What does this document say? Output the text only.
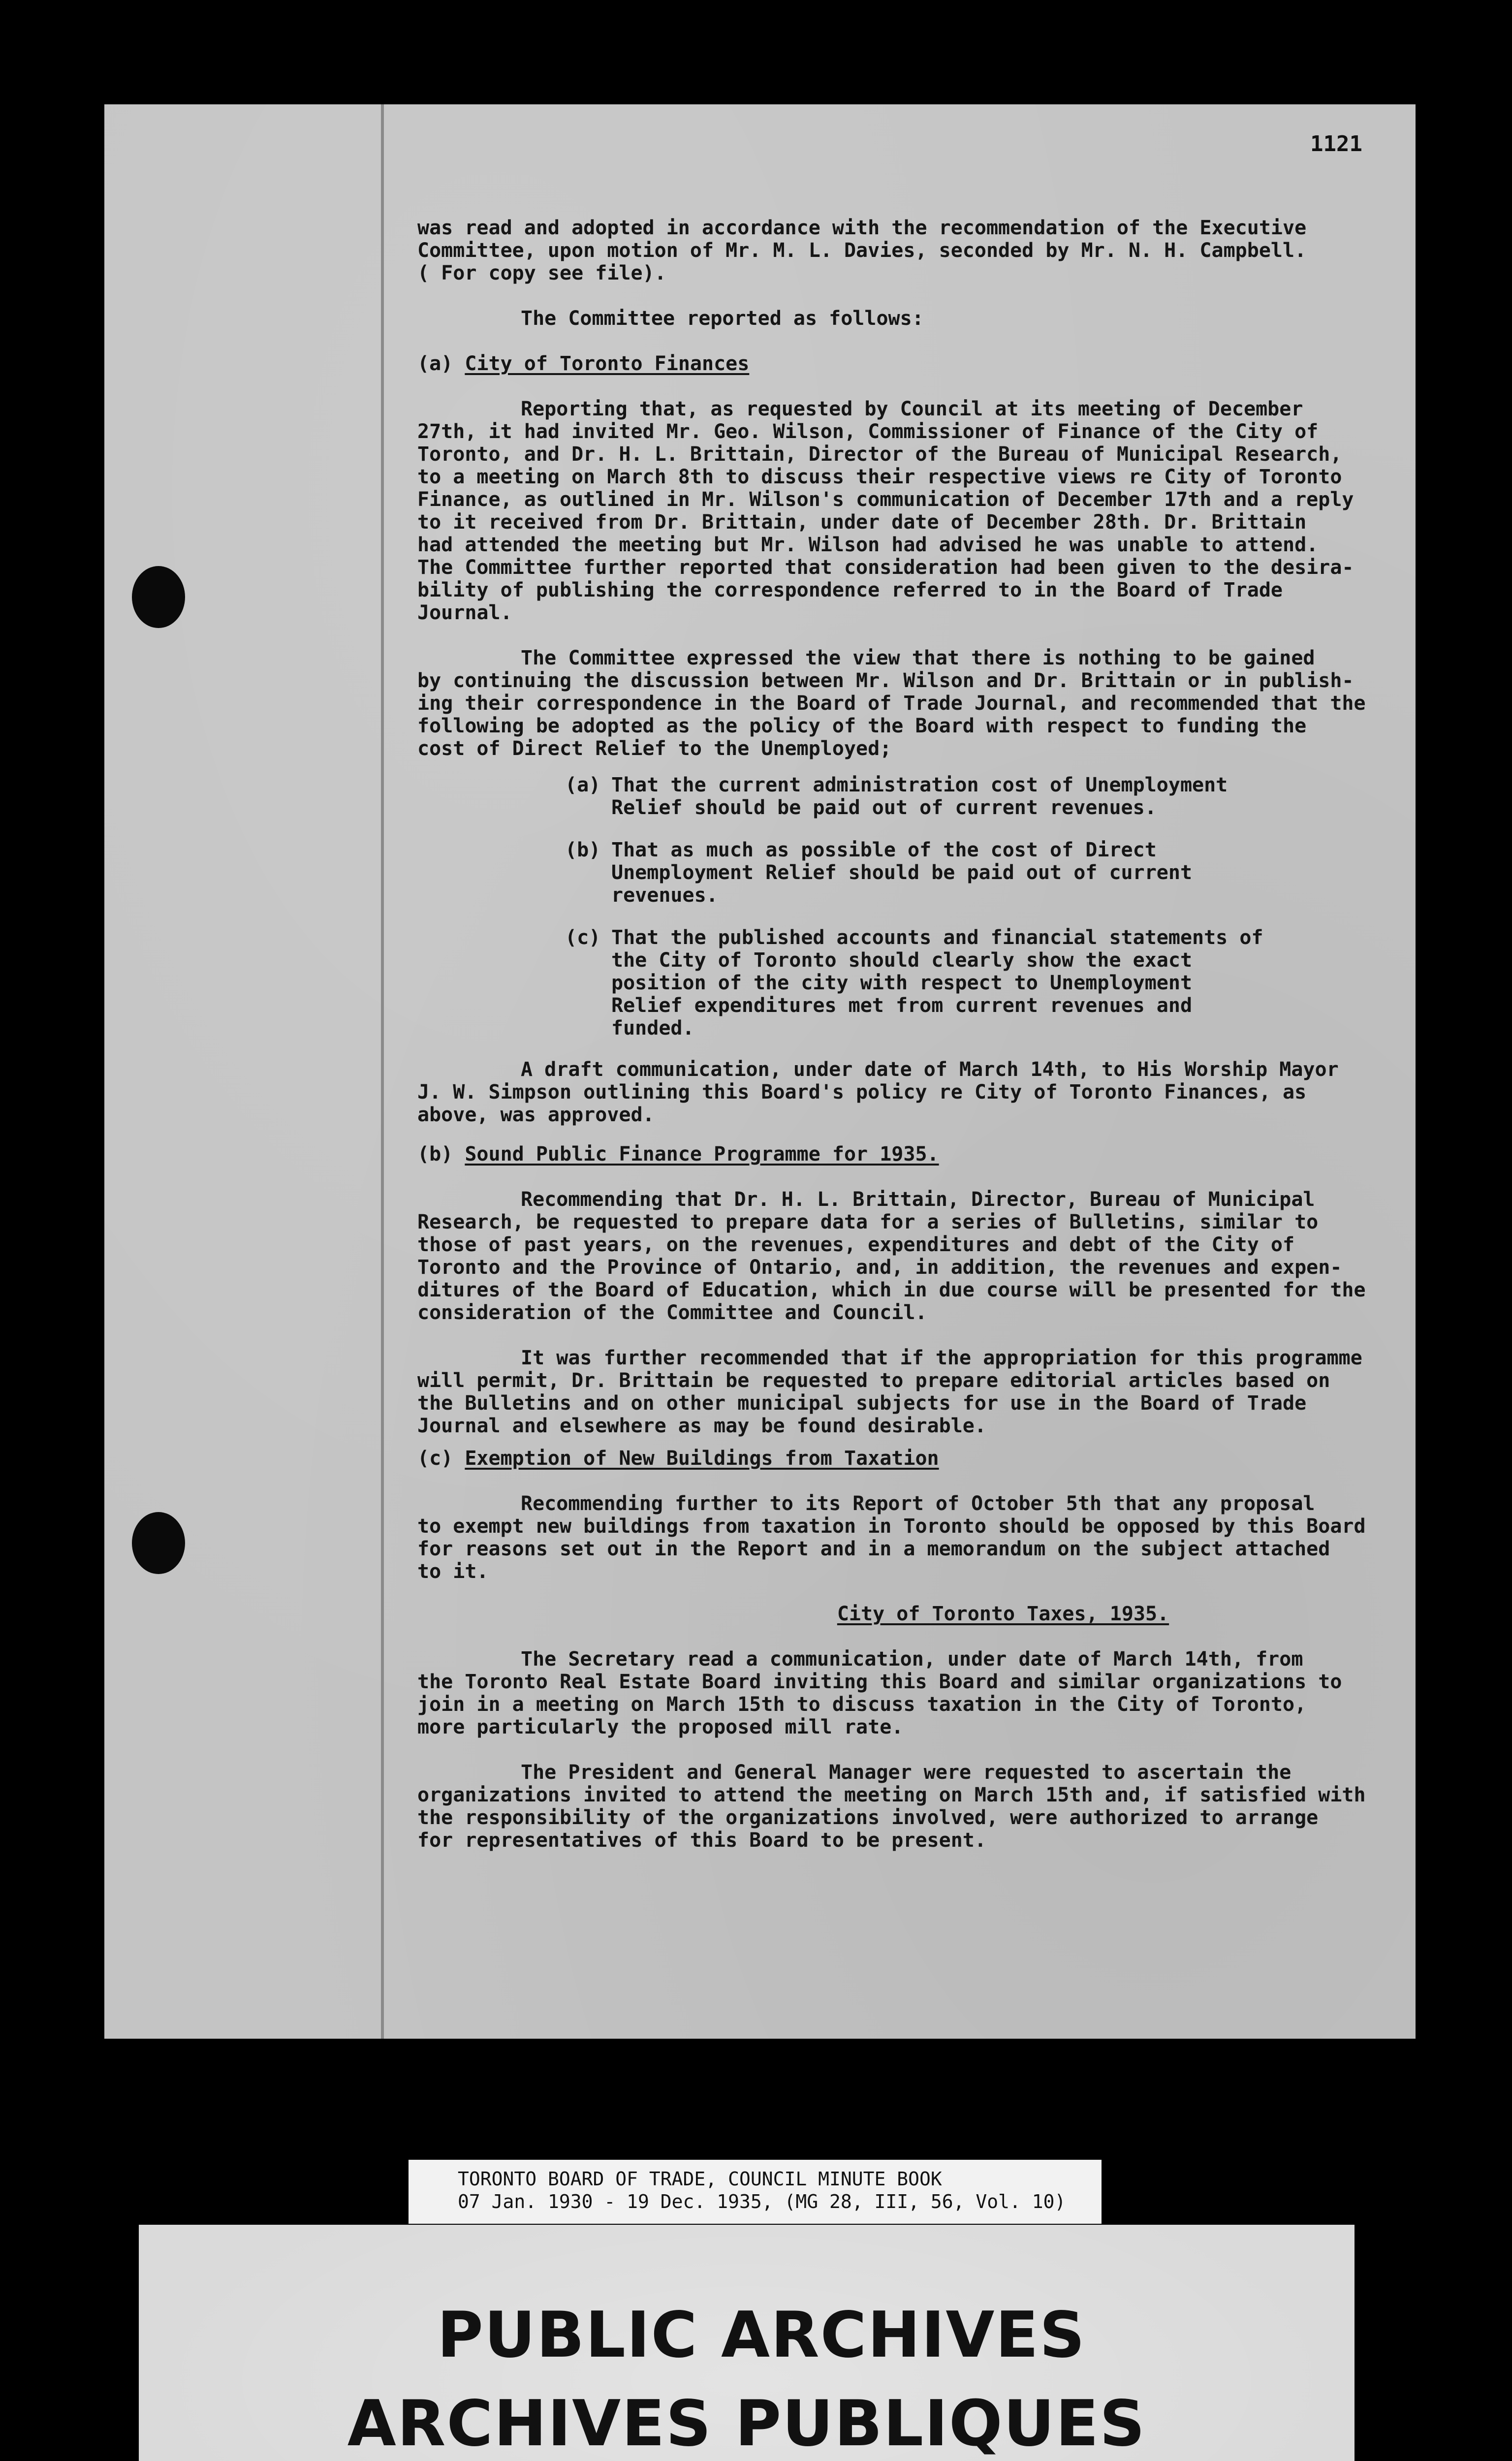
1121

was read and adopted in accordance with the recommendation of the Executive
Committee, upon motion of Mr. M. L. Davies, seconded by Mr. N. H. Campbell.
( For copy see file).

The Committee reported as follows:

(a) City of Toronto Finances

Reporting that, as requested by Council at its meeting of December
27th, it had invited Mr. Geo. Wilson, Commissioner of Finance of the City of
Toronto, and Dr. H. L. Brittain, Director of the Bureau of Municipal Research,
to a meeting on March 8th to discuss their respective views re City of Toronto
Finance, as outlined in Mr. Wilson's communication of December 17th and a reply
to it received from Dr. Brittain, under date of December 28th. Dr. Brittain
had attended the meeting but Mr. Wilson had advised he was unable to attend.
The Committee further reported that consideration had been given to the desira-
bility of publishing the correspondence referred to in the Board of Trade
Journal.

The Committee expressed the view that there is nothing to be gained
by continuing the discussion between Mr. Wilson and Dr. Brittain or in publish-
ing their correspondence in the Board of Trade Journal, and recommended that the
following be adopted as the policy of the Board with respect to funding the
cost of Direct Relief to the Unemployed;

(a) That the current administration cost of Unemployment
Relief should be paid out of current revenues.
(b) That as much as possible of the cost of Direct
Unemployment Relief should be paid out of current
revenues.
(c) That the published accounts and financial statements of
the City of Toronto should clearly show the exact
position of the city with respect to Unemployment
Relief expenditures met from current revenues and
funded.

A draft communication, under date of March 14th, to His Worship Mayor
J. W. Simpson outlining this Board's policy re City of Toronto Finances, as
above, was approved.

(b) Sound Public Finance Programme for 1935.

Recommending that Dr. H. L. Brittain, Director, Bureau of Municipal
Research, be requested to prepare data for a series of Bulletins, similar to
those of past years, on the revenues, expenditures and debt of the City of
Toronto and the Province of Ontario, and, in addition, the revenues and expen-
ditures of the Board of Education, which in due course will be presented for the
consideration of the Committee and Council.

It was further recommended that if the appropriation for this programme
will permit, Dr. Brittain be requested to prepare editorial articles based on
the Bulletins and on other municipal subjects for use in the Board of Trade
Journal and elsewhere as may be found desirable.

(c) Exemption of New Buildings from Taxation

Recommending further to its Report of October 5th that any proposal
to exempt new buildings from taxation in Toronto should be opposed by this Board
for reasons set out in the Report and in a memorandum on the subject attached
to it.

City of Toronto Taxes, 1935.

The Secretary read a communication, under date of March 14th, from
the Toronto Real Estate Board inviting this Board and similar organizations to
join in a meeting on March 15th to discuss taxation in the City of Toronto,
more particularly the proposed mill rate.

The President and General Manager were requested to ascertain the
organizations invited to attend the meeting on March 15th and, if satisfied with
the responsibility of the organizations involved, were authorized to arrange
for representatives of this Board to be present.

TORONTO BOARD OF TRADE, COUNCIL MINUTE BOOK
07 Jan. 1930 - 19 Dec. 1935, (MG 28, III, 56, Vol. 10)
PUBLIC ARCHIVES
ARCHIVES PUBLIQUES
